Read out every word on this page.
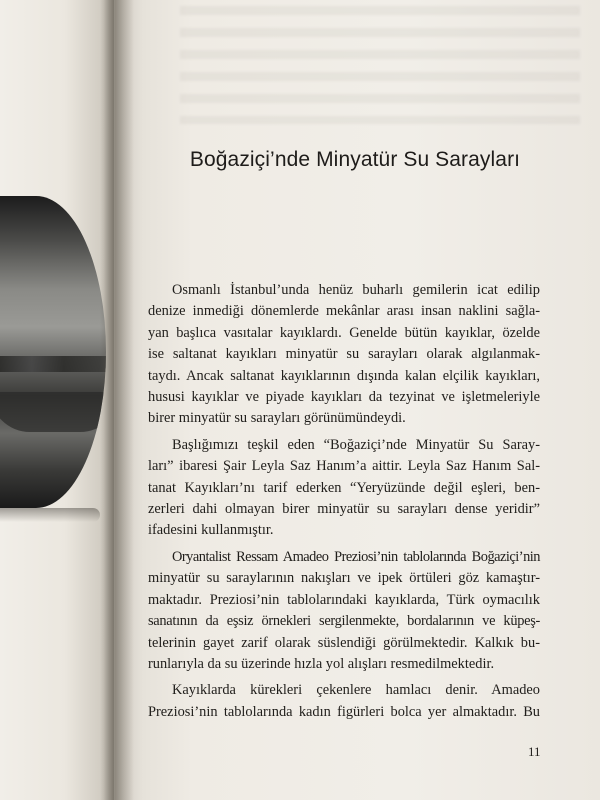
Boğaziçi’nde Minyatür Su Sarayları
Osmanlı İstanbul’unda henüz buharlı gemilerin icat edilip
denize inmediği dönemlerde mekânlar arası insan naklini sağla-
yan başlıca vasıtalar kayıklardı. Genelde bütün kayıklar, özelde
ise saltanat kayıkları minyatür su sarayları olarak algılanmak-
taydı. Ancak saltanat kayıklarının dışında kalan elçilik kayıkları,
hususi kayıklar ve piyade kayıkları da tezyinat ve işletmeleriyle
birer minyatür su sarayları görünümündeydi.
Başlığımızı teşkil eden “Boğaziçi’nde Minyatür Su Saray-
ları” ibaresi Şair Leyla Saz Hanım’a aittir. Leyla Saz Hanım Sal-
tanat Kayıkları’nı tarif ederken “Yeryüzünde değil eşleri, ben-
zerleri dahi olmayan birer minyatür su sarayları dense yeridir”
ifadesini kullanmıştır.
Oryantalist Ressam Amadeo Preziosi’nin tablolarında Boğaziçi’nin
minyatür su saraylarının nakışları ve ipek örtüleri göz kamaştır-
maktadır. Preziosi’nin tablolarındaki kayıklarda, Türk oymacılık
sanatının da eşsiz örnekleri sergilenmekte, bordalarının ve küpeş-
telerinin gayet zarif olarak süslendiği görülmektedir. Kalkık bu-
runlarıyla da su üzerinde hızla yol alışları resmedilmektedir.
Kayıklarda kürekleri çekenlere hamlacı denir. Amadeo
Preziosi’nin tablolarında kadın figürleri bolca yer almaktadır. Bu
11
